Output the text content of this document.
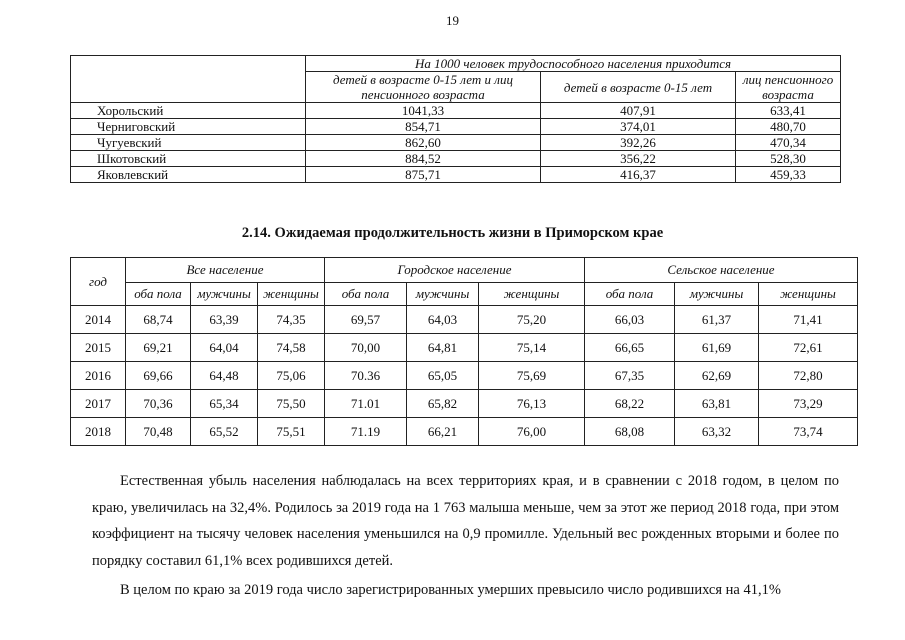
19
	На 1000 человек трудоспособного населения приходится		
	детей в возрасте 0-15 лет и лиц пенсионного возраста	детей в возрасте 0-15 лет	лиц пенсионного возраста
Хорольский	1041,33	407,91	633,41
Черниговский	854,71	374,01	480,70
Чугуевский	862,60	392,26	470,34
Шкотовский	884,52	356,22	528,30
Яковлевский	875,71	416,37	459,33
2.14. Ожидаемая продолжительность жизни в Приморском крае
год	Все население			Городское население			Сельское население		
	оба пола	мужчины	женщины	оба пола	мужчины	женщины	оба пола	мужчины	женщины
2014	68,74	63,39	74,35	69,57	64,03	75,20	66,03	61,37	71,41
2015	69,21	64,04	74,58	70,00	64,81	75,14	66,65	61,69	72,61
2016	69,66	64,48	75,06	70.36	65,05	75,69	67,35	62,69	72,80
2017	70,36	65,34	75,50	71.01	65,82	76,13	68,22	63,81	73,29
2018	70,48	65,52	75,51	71.19	66,21	76,00	68,08	63,32	73,74

Естественная убыль населения наблюдалась на всех территориях края, и в сравнении с 2018 годом, в целом по краю, увеличилась на 32,4%. Родилось за 2019 года на 1 763 малыша меньше, чем за этот же период 2018 года, при этом коэффициент на тысячу человек населения уменьшился на 0,9 промилле. Удельный вес рожденных вторыми и более по порядку составил 61,1% всех родившихся детей.

В целом по краю за 2019 года число зарегистрированных умерших превысило число родившихся на 41,1%
